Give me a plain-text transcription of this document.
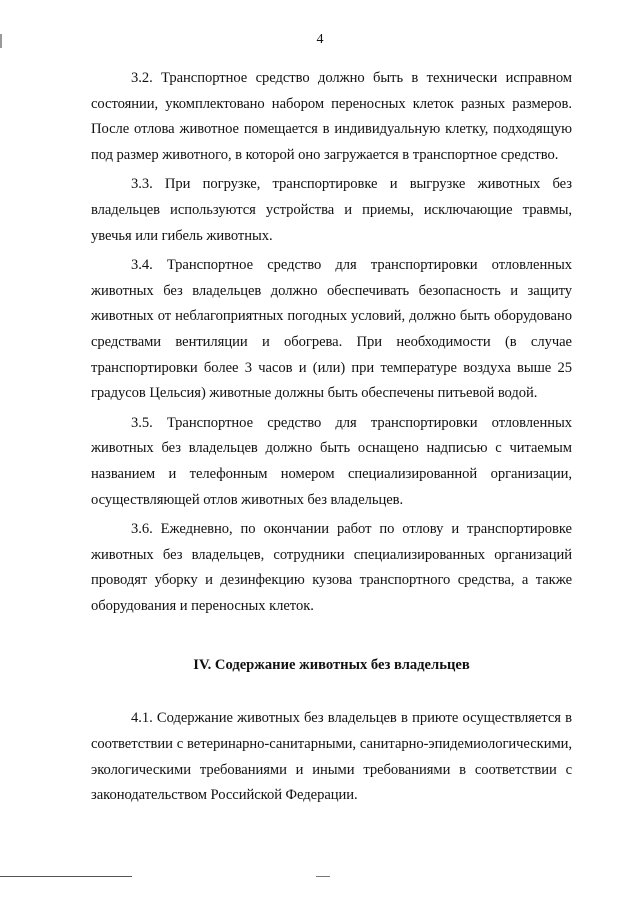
4

3.2. Транспортное средство должно быть в технически исправном состоянии, укомплектовано набором переносных клеток разных размеров. После отлова животное помещается в индивидуальную клетку, подходящую под размер животного, в которой оно загружается в транспортное средство.

3.3. При погрузке, транспортировке и выгрузке животных без владельцев используются устройства и приемы, исключающие травмы, увечья или гибель животных.

3.4. Транспортное средство для транспортировки отловленных животных без владельцев должно обеспечивать безопасность и защиту животных от неблагоприятных погодных условий, должно быть оборудовано средствами вентиляции и обогрева. При необходимости (в случае транспортировки более 3 часов и (или) при температуре воздуха выше 25 градусов Цельсия) животные должны быть обеспечены питьевой водой.

3.5. Транспортное средство для транспортировки отловленных животных без владельцев должно быть оснащено надписью с читаемым названием и телефонным номером специализированной организации, осуществляющей отлов животных без владельцев.

3.6. Ежедневно, по окончании работ по отлову и транспортировке животных без владельцев, сотрудники специализированных организаций проводят уборку и дезинфекцию кузова транспортного средства, а также оборудования и переносных клеток.

IV. Содержание животных без владельцев

4.1. Содержание животных без владельцев в приюте осуществляется в соответствии с ветеринарно-санитарными, санитарно-эпидемиологическими, экологическими требованиями и иными требованиями в соответствии с законодательством Российской Федерации.
